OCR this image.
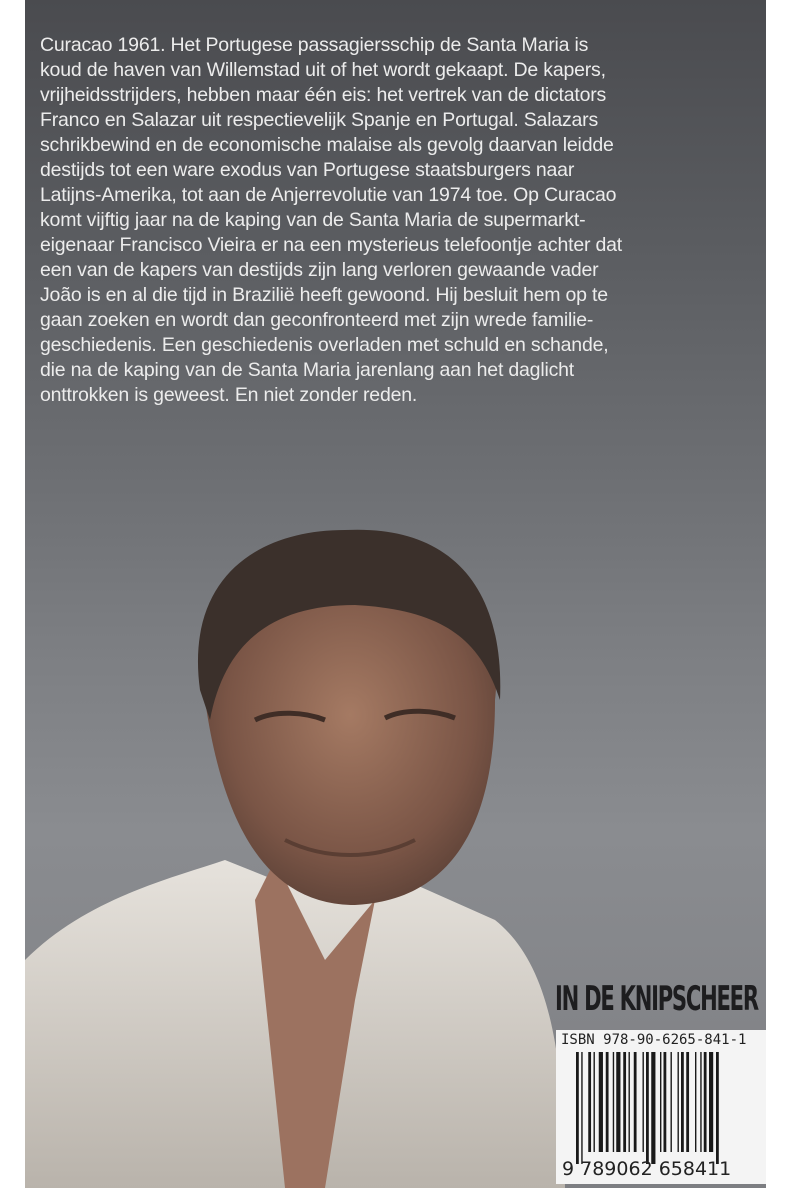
Curacao 1961. Het Portugese passagiersschip de Santa Maria is
koud de haven van Willemstad uit of het wordt gekaapt. De kapers,
vrijheidsstrijders, hebben maar één eis: het vertrek van de dictators
Franco en Salazar uit respectievelijk Spanje en Portugal. Salazars
schrikbewind en de economische malaise als gevolg daarvan leidde
destijds tot een ware exodus van Portugese staatsburgers naar
Latijns-Amerika, tot aan de Anjerrevolutie van 1974 toe. Op Curacao
komt vijftig jaar na de kaping van de Santa Maria de supermarkt-
eigenaar Francisco Vieira er na een mysterieus telefoontje achter dat
een van de kapers van destijds zijn lang verloren gewaande vader
João is en al die tijd in Brazilië heeft gewoond. Hij besluit hem op te
gaan zoeken en wordt dan geconfronteerd met zijn wrede familie-
geschiedenis. Een geschiedenis overladen met schuld en schande,
die na de kaping van de Santa Maria jarenlang aan het daglicht
onttrokken is geweest. En niet zonder reden.
IN DE KNIPSCHEER
ISBN 978-90-6265-841-1
9 789062 658411
